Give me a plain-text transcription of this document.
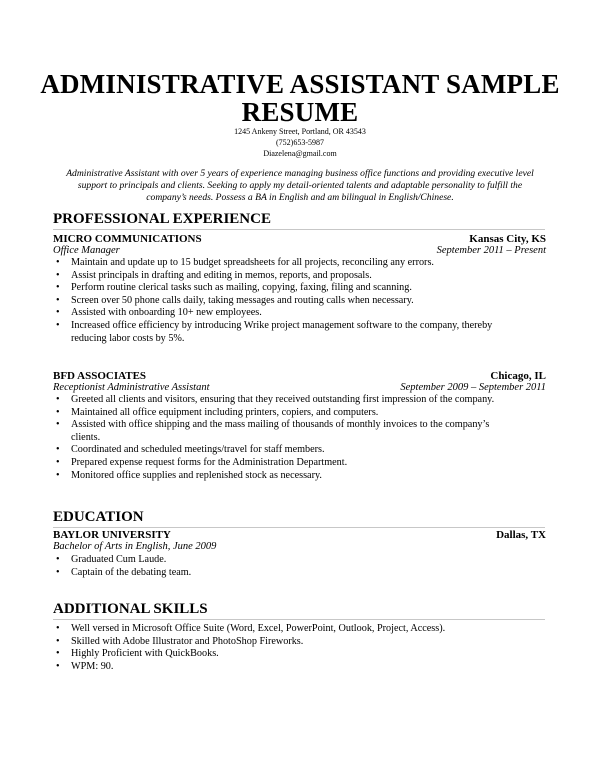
ADMINISTRATIVE ASSISTANT SAMPLE
RESUME
1245 Ankeny Street, Portland, OR 43543
(752)653-5987
Diazelena@gmail.com
Administrative Assistant with over 5 years of experience managing business office functions and providing executive level support to principals and clients. Seeking to apply my detail-oriented talents and adaptable personality to fulfill the company’s needs. Possess a BA in English and am bilingual in English/Chinese.
PROFESSIONAL EXPERIENCE
MICRO COMMUNICATIONS	Kansas City, KS
Office Manager	September 2011 – Present
• Maintain and update up to 15 budget spreadsheets for all projects, reconciling any errors.
• Assist principals in drafting and editing in memos, reports, and proposals.
• Perform routine clerical tasks such as mailing, copying, faxing, filing and scanning.
• Screen over 50 phone calls daily, taking messages and routing calls when necessary.
• Assisted with onboarding 10+ new employees.
• Increased office efficiency by introducing Wrike project management software to the company, thereby reducing labor costs by 5%.
BFD ASSOCIATES	Chicago, IL
Receptionist Administrative Assistant	September 2009 – September 2011
• Greeted all clients and visitors, ensuring that they received outstanding first impression of the company.
• Maintained all office equipment including printers, copiers, and computers.
• Assisted with office shipping and the mass mailing of thousands of monthly invoices to the company’s clients.
• Coordinated and scheduled meetings/travel for staff members.
• Prepared expense request forms for the Administration Department.
• Monitored office supplies and replenished stock as necessary.
EDUCATION
BAYLOR UNIVERSITY	Dallas, TX
Bachelor of Arts in English, June 2009
• Graduated Cum Laude.
• Captain of the debating team.
ADDITIONAL SKILLS
• Well versed in Microsoft Office Suite (Word, Excel, PowerPoint, Outlook, Project, Access).
• Skilled with Adobe Illustrator and PhotoShop Fireworks.
• Highly Proficient with QuickBooks.
• WPM: 90.
